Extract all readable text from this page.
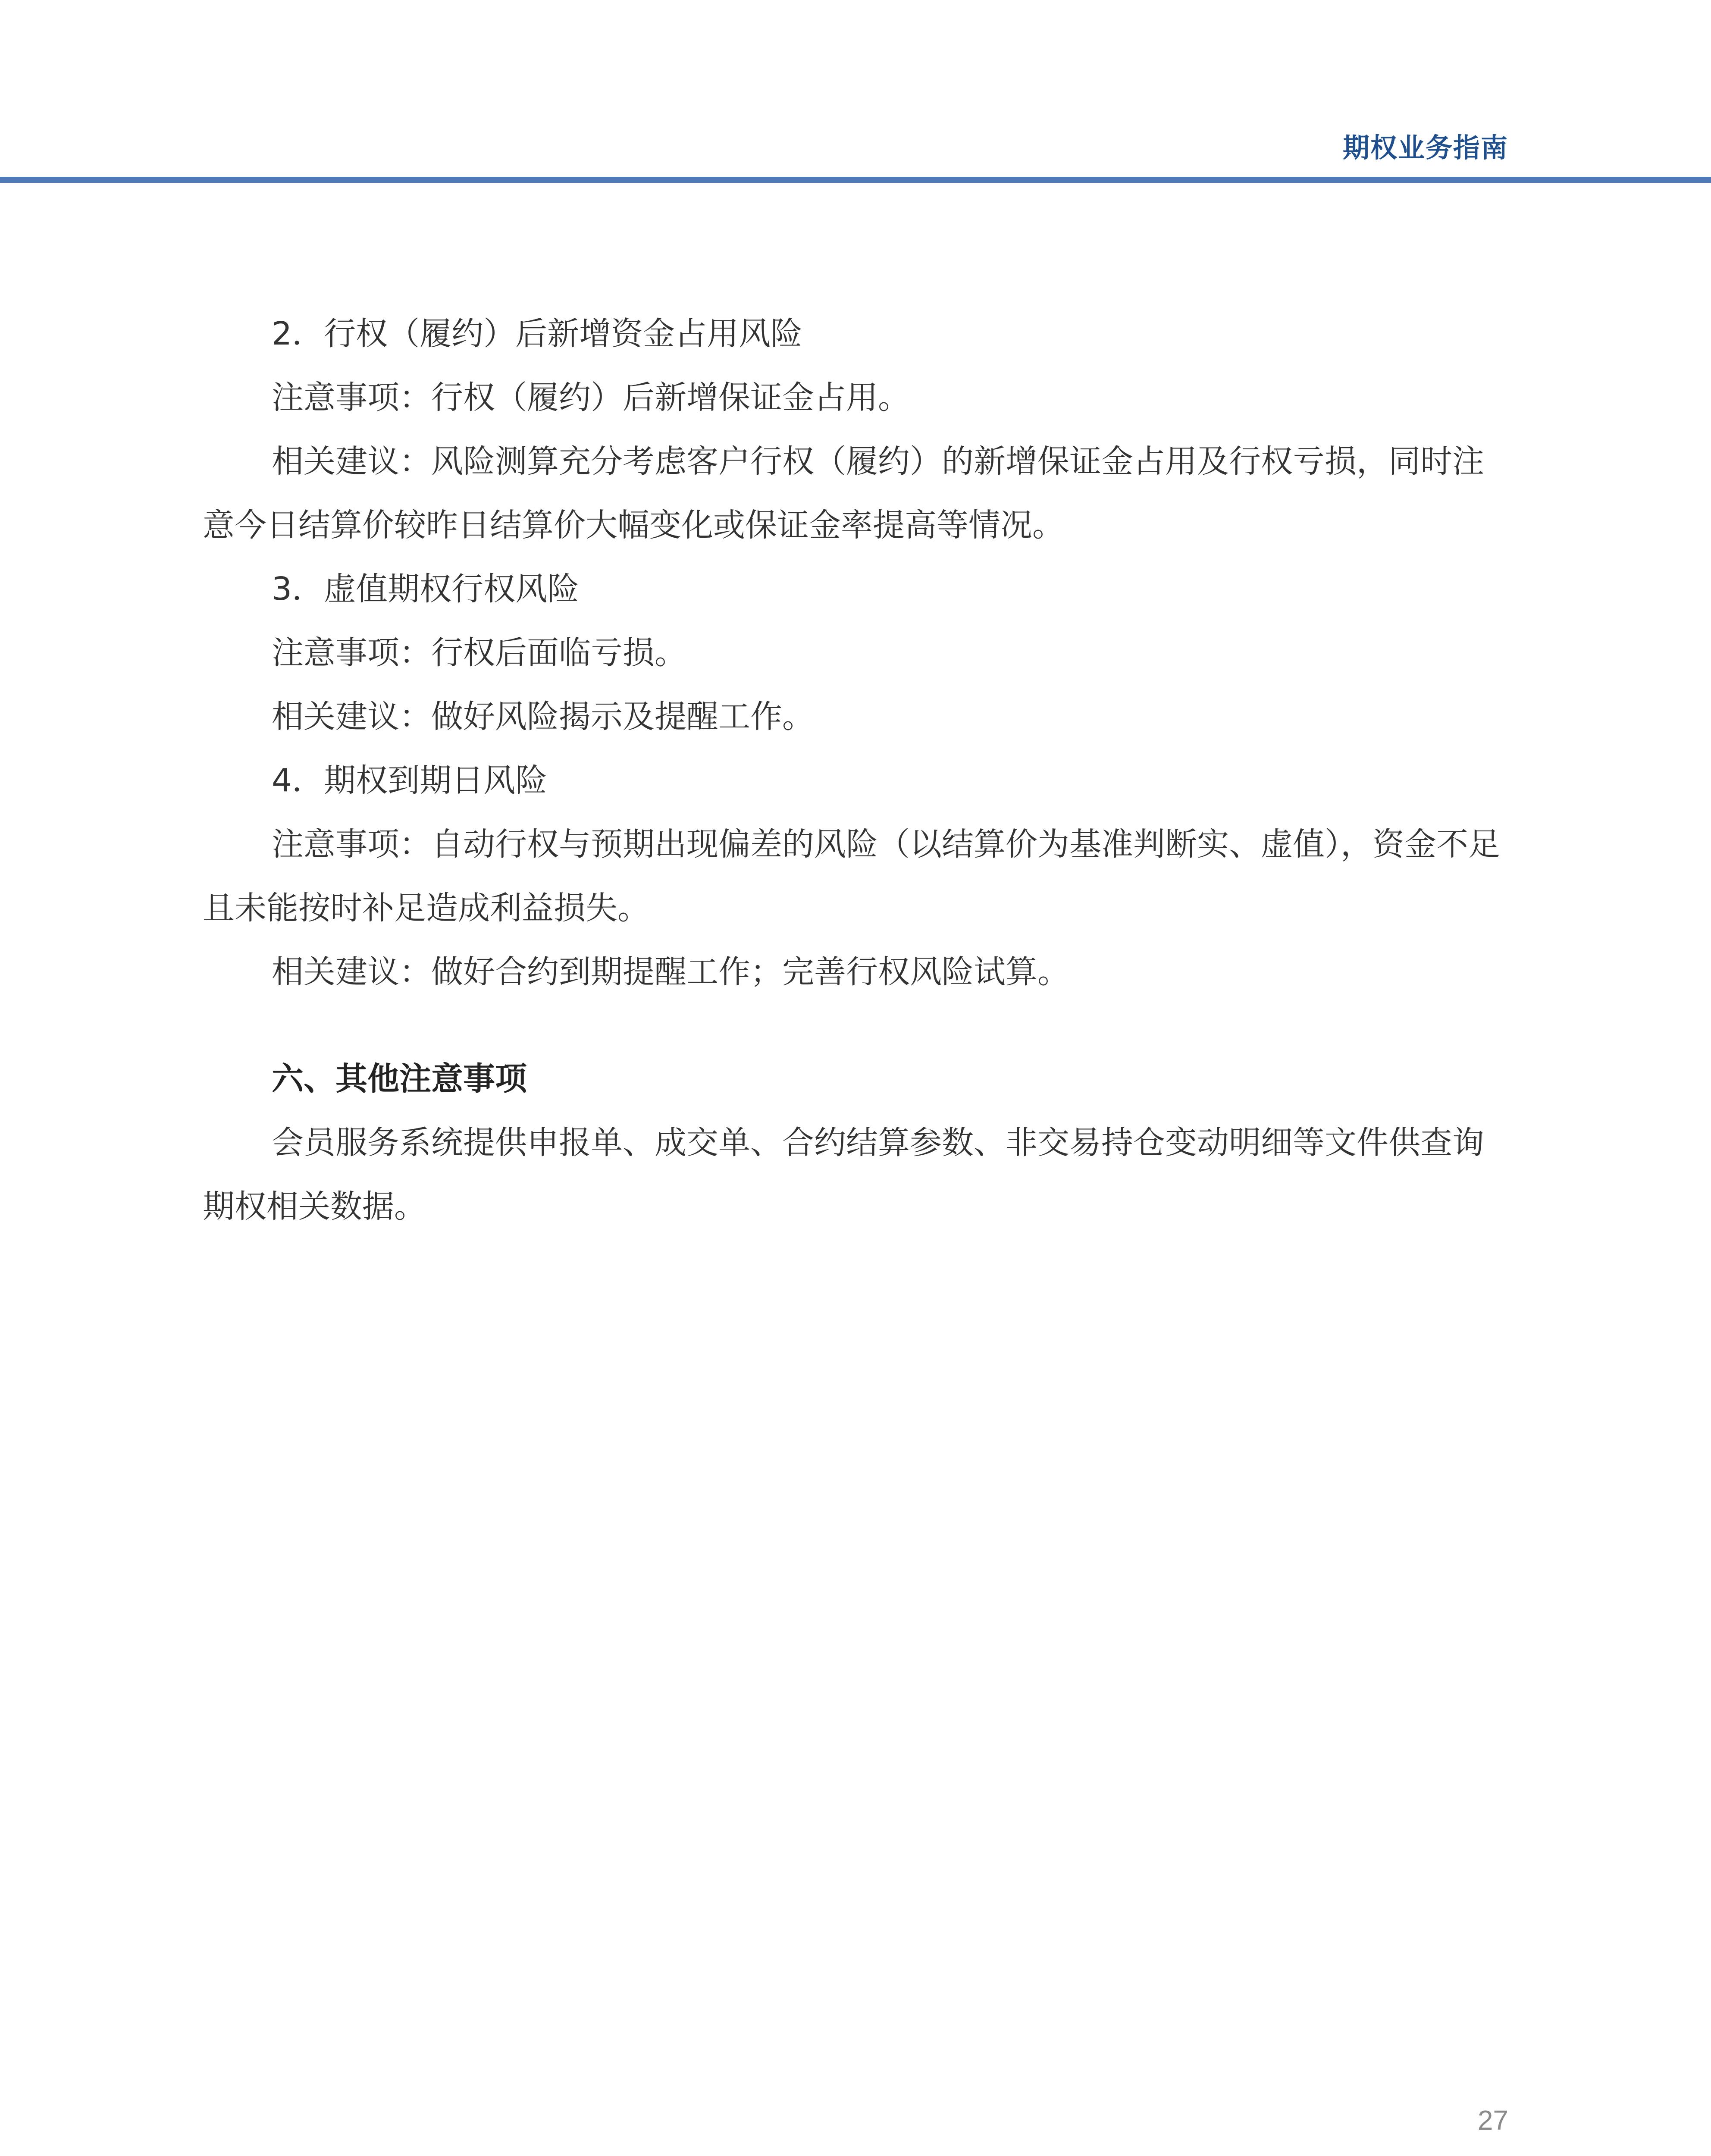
期权业务指南

2．行权（履约）后新增资金占用风险

注意事项：行权（履约）后新增保证金占用。

相关建议：风险测算充分考虑客户行权（履约）的新增保证金占用及行权亏损，同时注意今日结算价较昨日结算价大幅变化或保证金率提高等情况。

3．虚值期权行权风险

注意事项：行权后面临亏损。

相关建议：做好风险揭示及提醒工作。

4．期权到期日风险

注意事项：自动行权与预期出现偏差的风险（以结算价为基准判断实、虚值），资金不足且未能按时补足造成利益损失。

相关建议：做好合约到期提醒工作；完善行权风险试算。

六、其他注意事项

会员服务系统提供申报单、成交单、合约结算参数、非交易持仓变动明细等文件供查询期权相关数据。

27
